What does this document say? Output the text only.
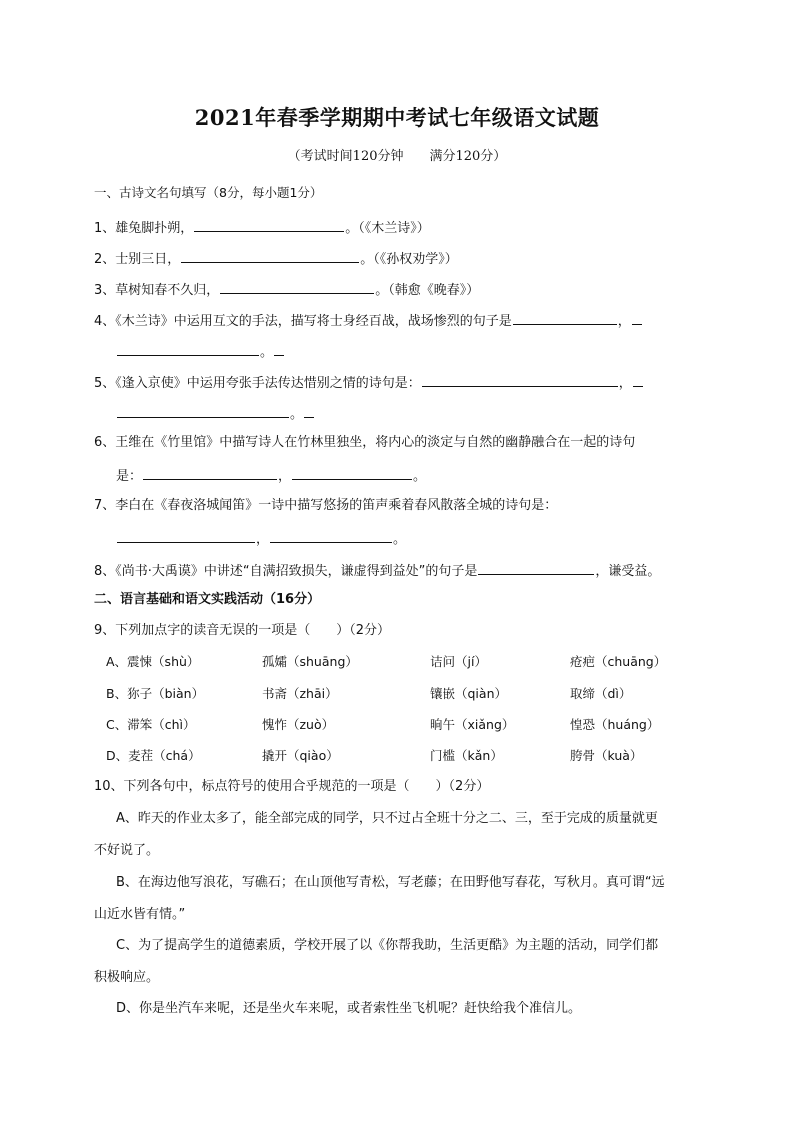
2021年春季学期期中考试七年级语文试题
（考试时间120分钟　　满分120分）
一、古诗文名句填写（8分，每小题1分）
1、雄兔脚扑朔，	。（《木兰诗》）
2、士别三日，	。（《孙权劝学》）
3、草树知春不久归，	。（韩愈《晚春》）
4、《木兰诗》中运用互文的手法，描写将士身经百战，战场惨烈的句子是	，
。
5、《逢入京使》中运用夸张手法传达惜别之情的诗句是：	，
。
6、王维在《竹里馆》中描写诗人在竹林里独坐，将内心的淡定与自然的幽静融合在一起的诗句
是：	，	。
7、李白在《春夜洛城闻笛》一诗中描写悠扬的笛声乘着春风散落全城的诗句是：
，	。
8、《尚书·大禹谟》中讲述“自满招致损失，谦虚得到益处”的句子是	，谦受益。
二、语言基础和语文实践活动（16分）
9、下列加点字的读音无误的一项是（　　）（2分）
A、震悚（shù）	孤孀（shuāng）	诘问（jí）	疮疤（chuāng）
B、狝子（biàn）	书斋（zhāi）	镶嵌（qiàn）	取缔（dì）
C、滞笨（chì）	愧怍（zuò）	晌午（xiǎng）	惶恐（huáng）
D、麦茬（chá）	撬开（qiào）	门槛（kǎn）	胯骨（kuà）
10、下列各句中，标点符号的使用合乎规范的一项是（　　）（2分）
A、昨天的作业太多了，能全部完成的同学，只不过占全班十分之二、三，至于完成的质量就更
不好说了。
B、在海边他写浪花，写礁石；在山顶他写青松，写老藤；在田野他写春花，写秋月。真可谓“远
山近水皆有情。”
C、为了提高学生的道德素质，学校开展了以《你帮我助，生活更酷》为主题的活动，同学们都
积极响应。
D、你是坐汽车来呢，还是坐火车来呢，或者索性坐飞机呢？赶快给我个准信儿。
